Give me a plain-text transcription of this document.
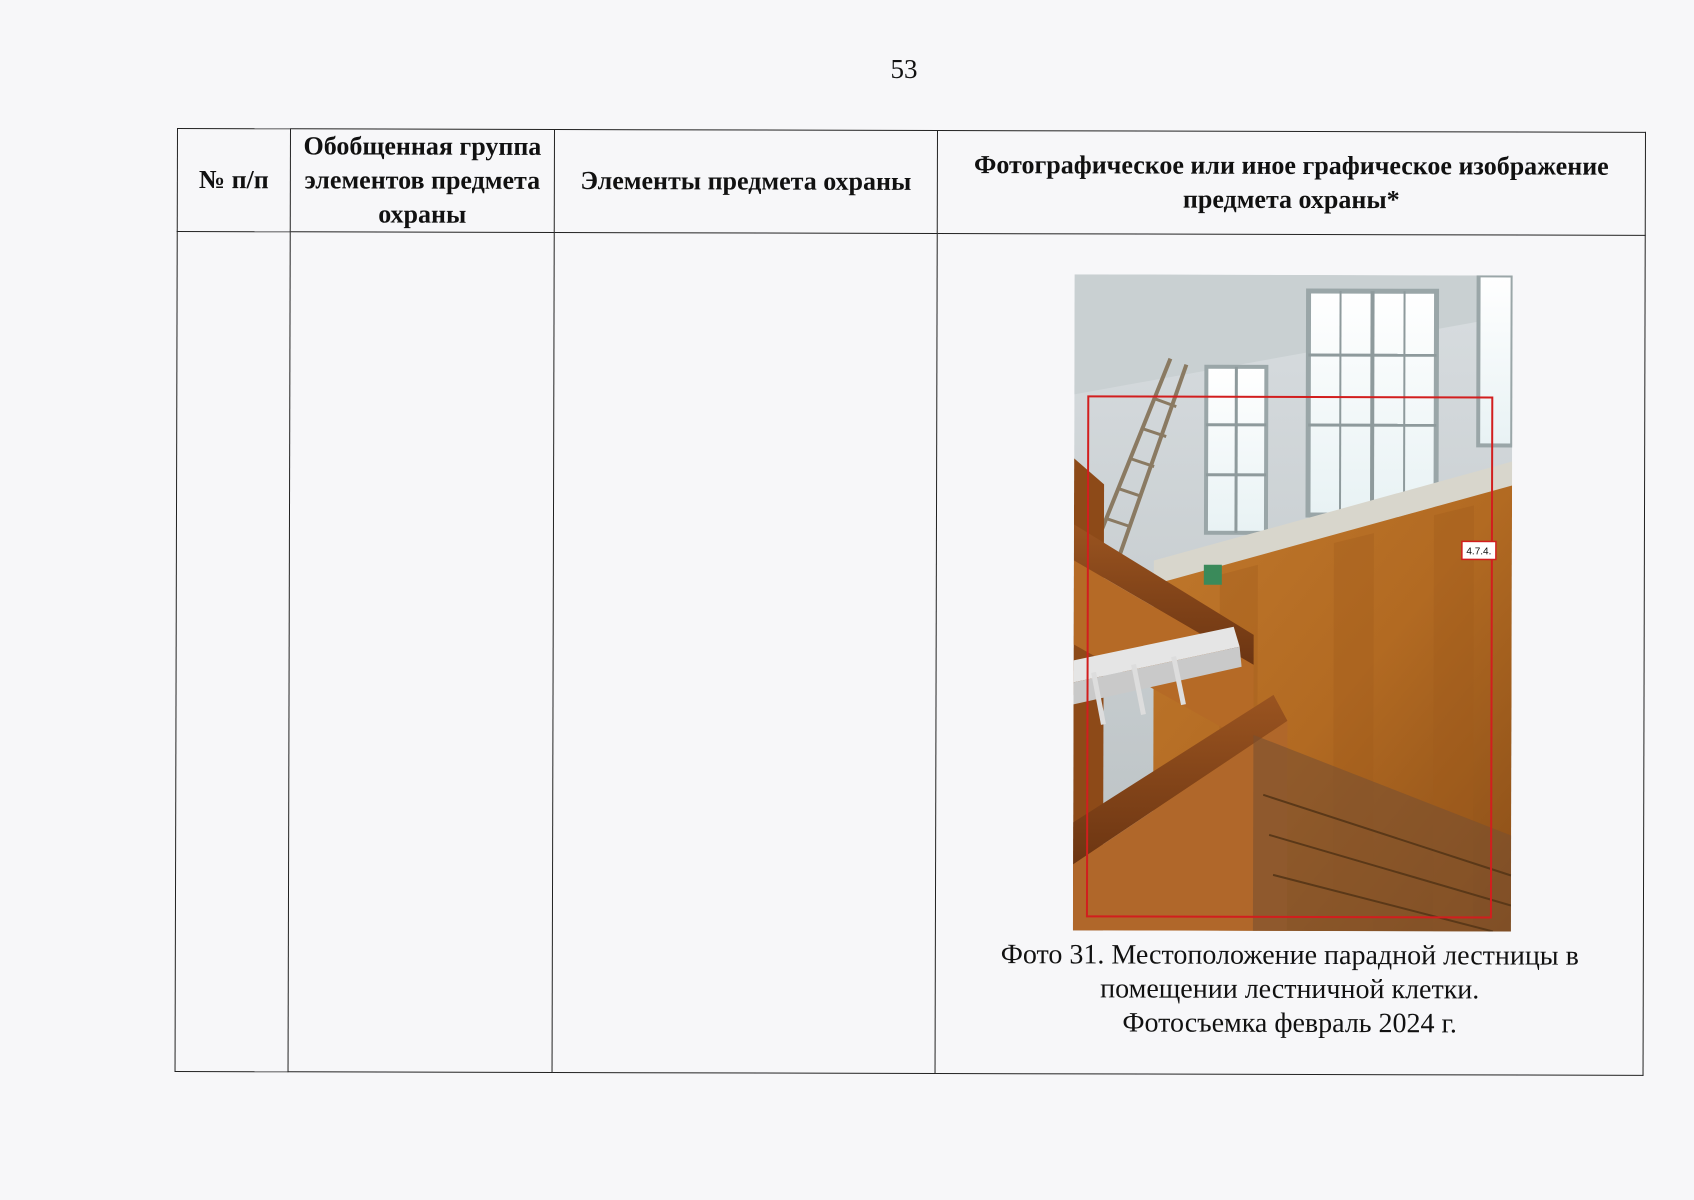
53
№ п/п	Обобщенная группа элементов предмета охраны	Элементы предмета охраны	Фотографическое или иное графическое изображение предмета охраны*

4.7.4.
Фото 31. Местоположение парадной лестницы в
помещении лестничной клетки.
Фотосъемка февраль 2024 г.
